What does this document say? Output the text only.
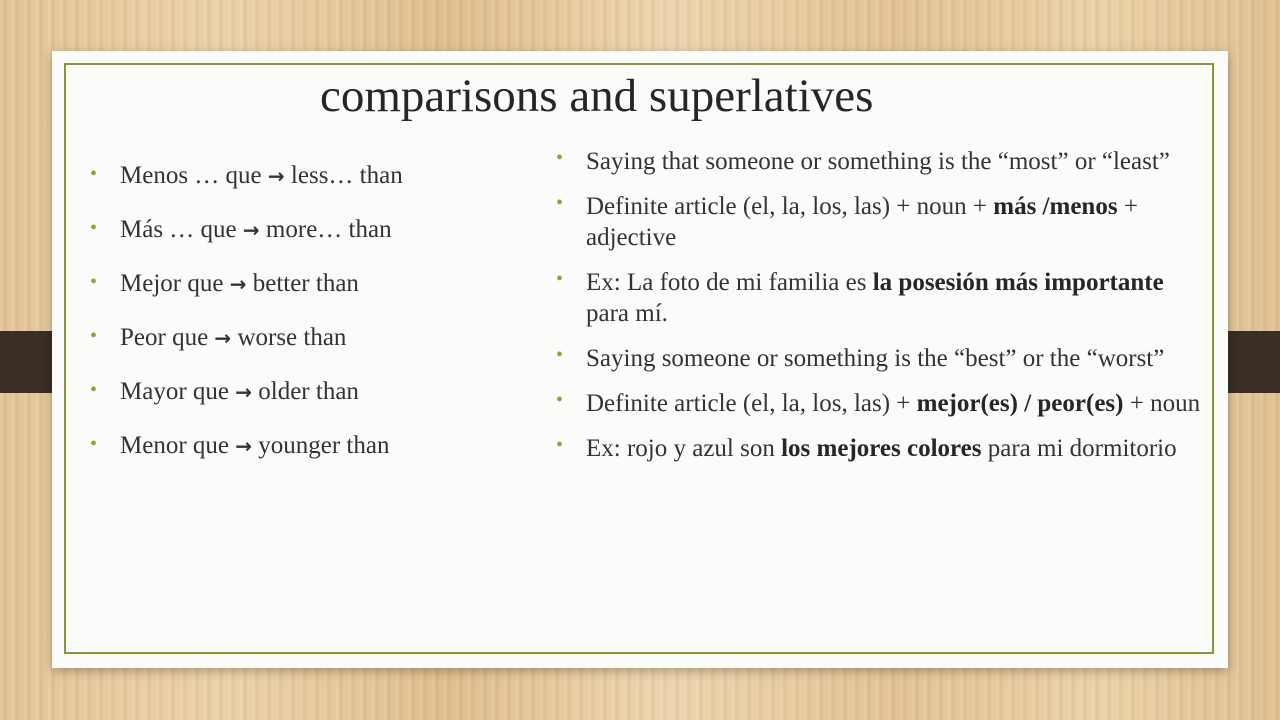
comparisons and superlatives
• Menos … que → less… than
• Más … que → more… than
• Mejor que → better than
• Peor que → worse than
• Mayor que → older than
• Menor que → younger than
• Saying that someone or something is the “most” or “least”
• Definite article (el, la, los, las) + noun + más /menos + adjective
• Ex: La foto de mi familia es la posesión más importante para mí.
• Saying someone or something is the “best” or the “worst”
• Definite article (el, la, los, las) + mejor(es) / peor(es) + noun
• Ex: rojo y azul son los mejores colores para mi dormitorio
